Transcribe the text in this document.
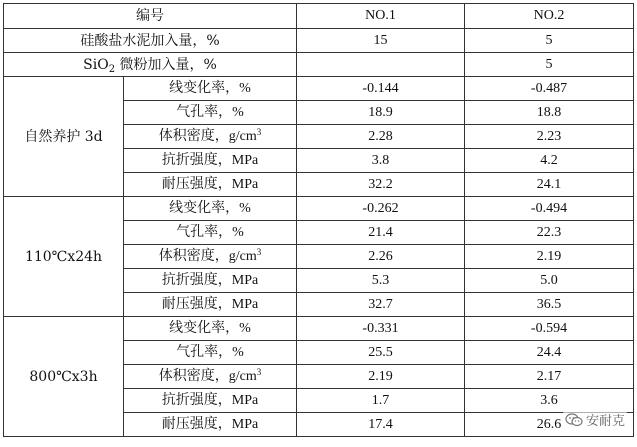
编号		NO.1	NO.2
硅酸盐水泥加入量，%		15	5
SiO$_2$ 微粉加入量，%			5
自然养护 3d	线变化率，%	-0.144	-0.487
	气孔率，%	18.9	18.8
	体积密度，$g/cm^3$	2.28	2.23
	抗折强度，MPa	3.8	4.2
	耐压强度，MPa	32.2	24.1
110℃x24h	线变化率，%	-0.262	-0.494
	气孔率，%	21.4	22.3
	体积密度，$g/cm^3$	2.26	2.19
	抗折强度，MPa	5.3	5.0
	耐压强度，MPa	32.7	36.5
800℃x3h	线变化率，%	-0.331	-0.594
	气孔率，%	25.5	24.4
	体积密度，$g/cm^3$	2.19	2.17
	抗折强度，MPa	1.7	3.6
	耐压强度，MPa	17.4	26.6 安耐克
